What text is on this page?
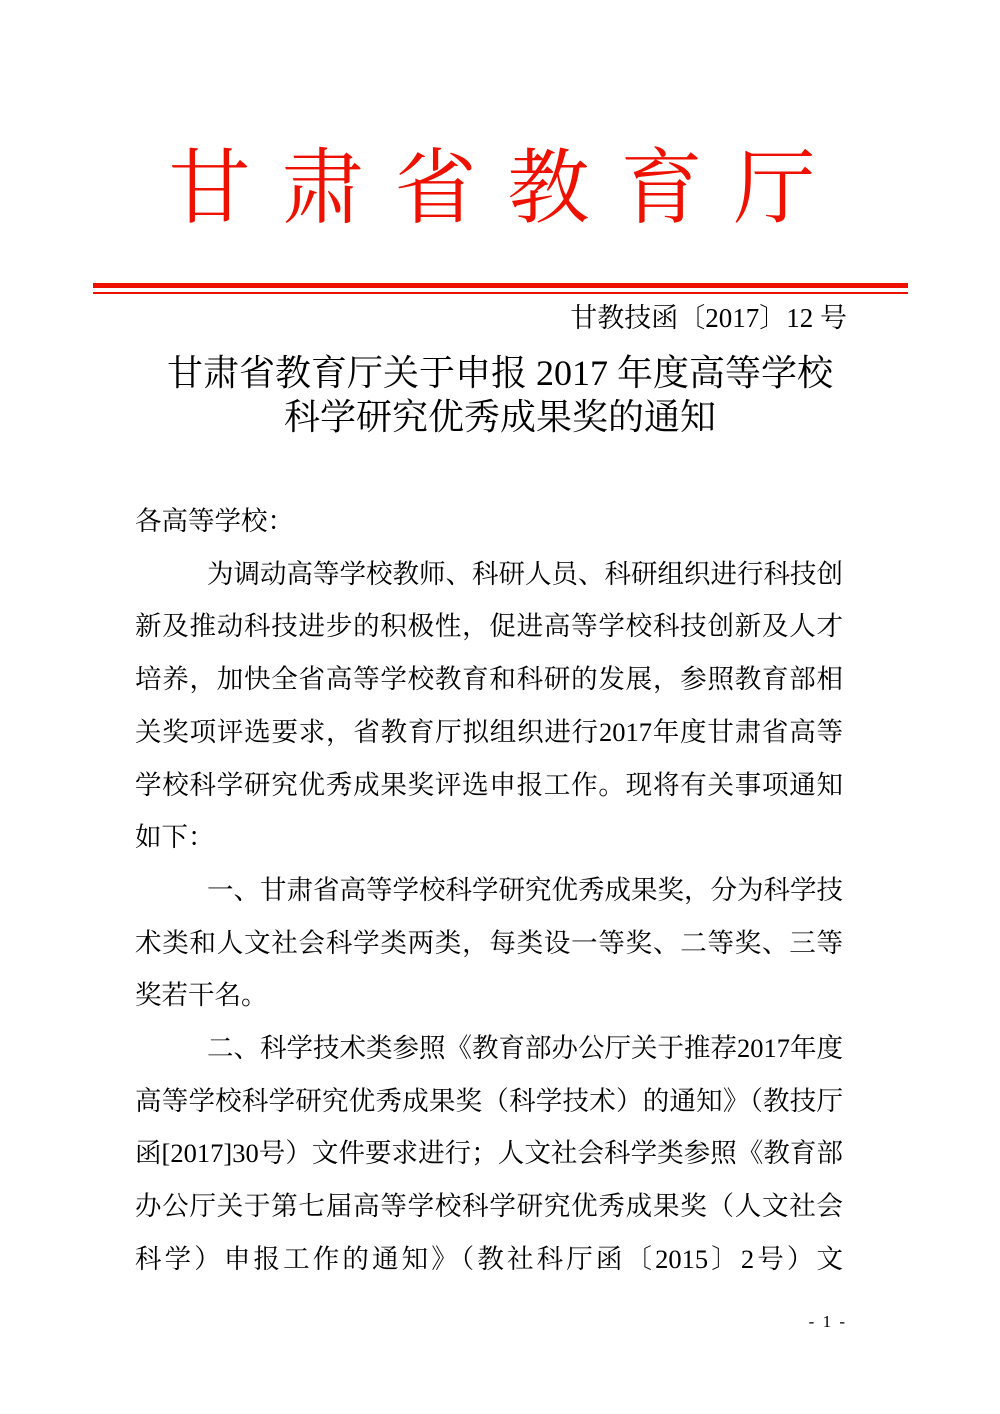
甘肃省教育厅
甘教技函〔2017〕12 号
甘肃省教育厅关于申报 2017 年度高等学校
科学研究优秀成果奖的通知

各高等学校：

为调动高等学校教师、科研人员、科研组织进行科技创新及推动科技进步的积极性，促进高等学校科技创新及人才培养，加快全省高等学校教育和科研的发展，参照教育部相关奖项评选要求，省教育厅拟组织进行2017年度甘肃省高等学校科学研究优秀成果奖评选申报工作。现将有关事项通知如下：

一、甘肃省高等学校科学研究优秀成果奖，分为科学技术类和人文社会科学类两类，每类设一等奖、二等奖、三等奖若干名。

二、科学技术类参照《教育部办公厅关于推荐2017年度高等学校科学研究优秀成果奖（科学技术）的通知》（教技厅函[2017]30号）文件要求进行；人文社会科学类参照《教育部办公厅关于第七届高等学校科学研究优秀成果奖（人文社会科学）申报工作的通知》（教社科厅函〔2015〕2号）文

- 1 -
